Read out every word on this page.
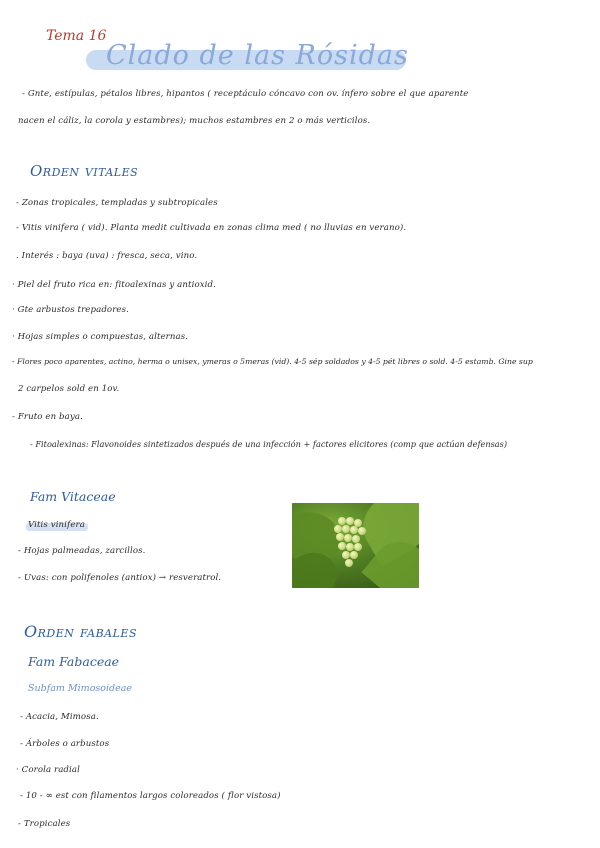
Tema 16
Clado de las Rósidas
- Gnte, estípulas, pétalos libres, hipantos ( receptáculo cóncavo con ov. ínfero sobre el que aparente
nacen el cáliz, la corola y estambres); muchos estambres en 2 o más verticilos.
Orden vitales
- Zonas tropicales, templadas y subtropicales
- Vitis vinifera ( vid). Planta medit cultivada en zonas clima med ( no lluvias en verano).
. Interés : baya (uva) : fresca, seca, vino.
· Piel del fruto rica en: fitoalexinas y antioxid.
· Gte arbustos trepadores.
· Hojas simples o compuestas, alternas.
- Flores poco aparentes, actino, herma o unisex, ymeras o 5meras (vid). 4-5 sép soldados y 4-5 pét libres o sold. 4-5 estamb. Gine sup
2 carpelos sold en 1ov.
- Fruto en baya.
- Fitoalexinas: Flavonoides sintetizados después de una infección + factores elicitores (comp que actúan defensas)
Fam Vitaceae
Vitis vinifera
- Hojas palmeadas, zarcillos.
- Uvas: con polifenoles (antiox) → resveratrol.
Orden fabales
Fam Fabaceae
Subfam Mimosoideae
- Acacia, Mimosa.
- Árboles o arbustos
· Corola radial
- 10 - ∞ est con filamentos largos coloreados ( flor vistosa)
- Tropicales
